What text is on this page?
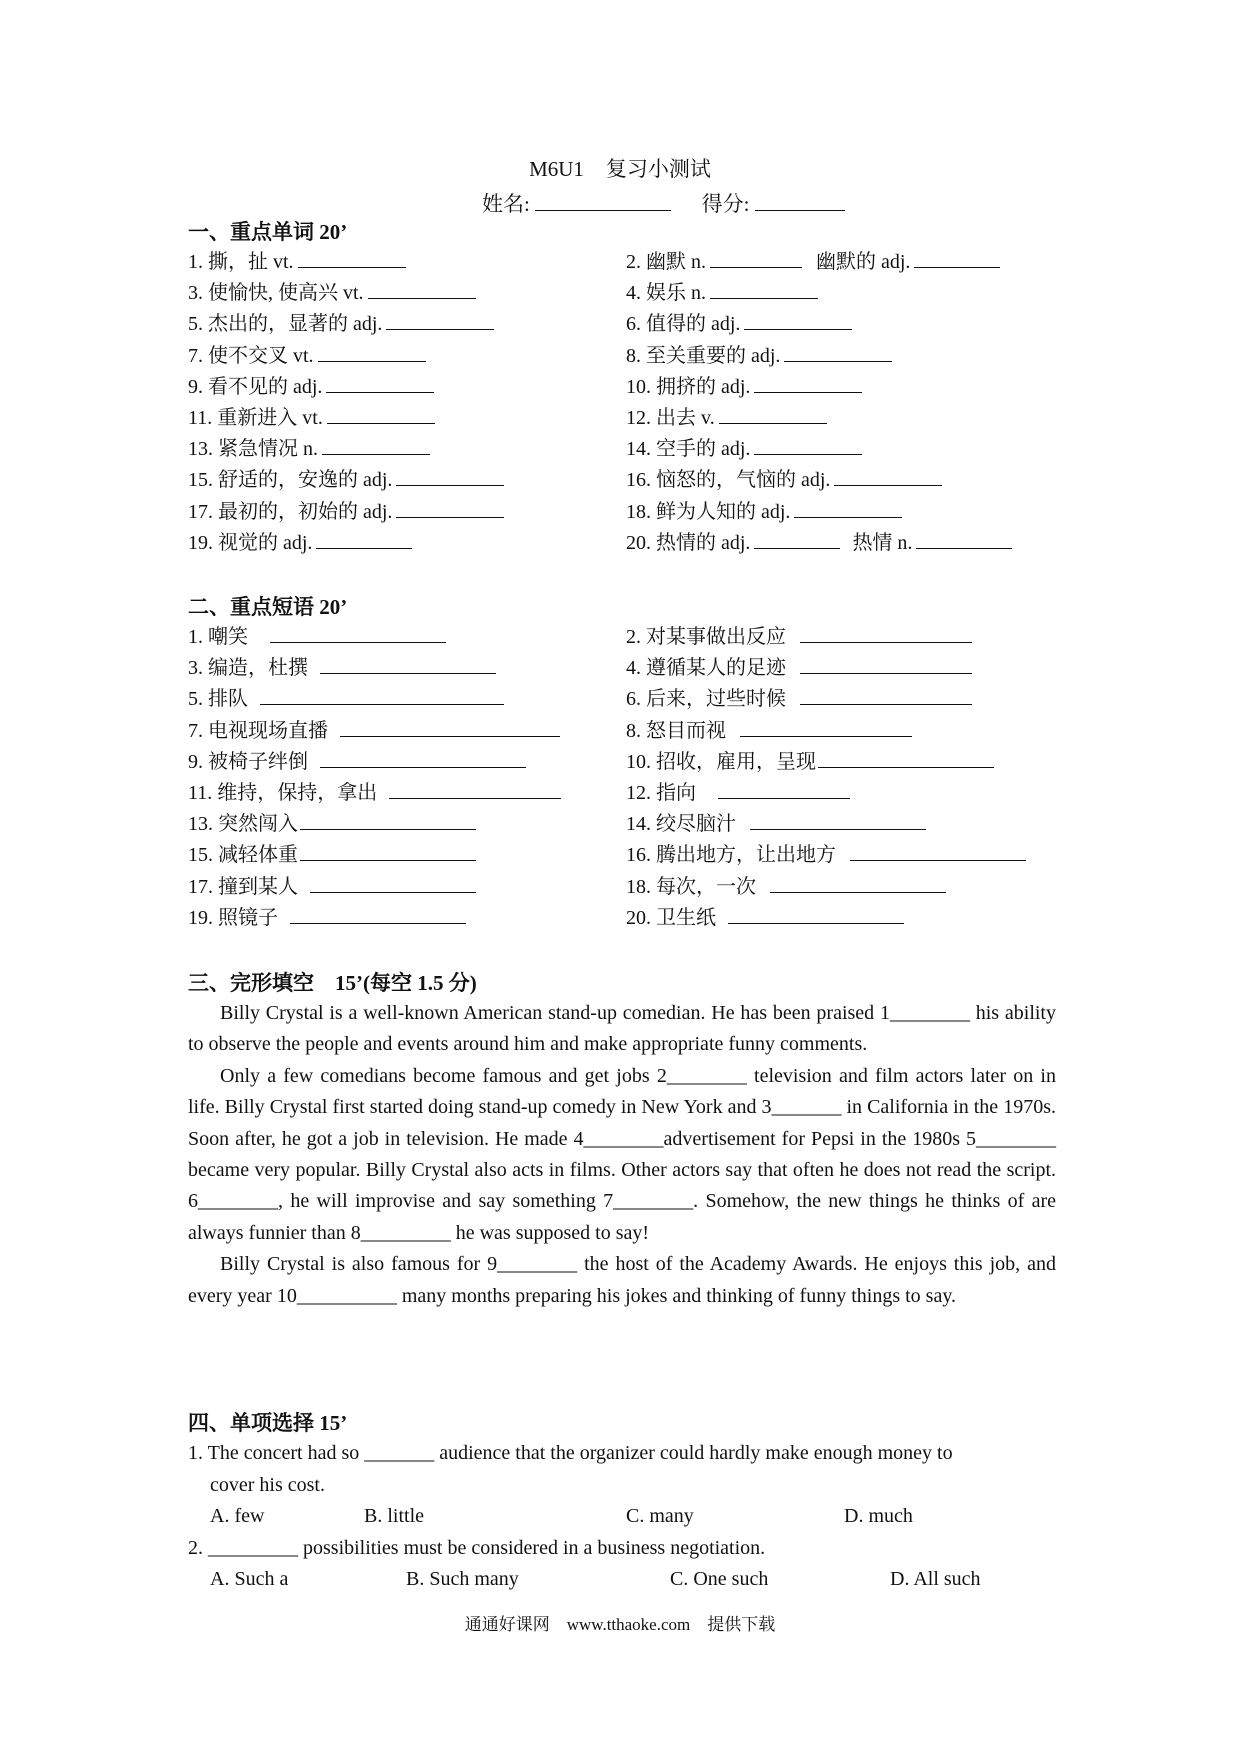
M6U1 复习小测试
姓名:	得分:
一、重点单词 20’
1. 撕，扯 vt.	2. 幽默 n.	幽默的 adj.
3. 使愉快, 使高兴 vt.	4. 娱乐 n.
5. 杰出的，显著的 adj.	6. 值得的 adj.
7. 使不交叉 vt.	8. 至关重要的 adj.
9. 看不见的 adj.	10. 拥挤的 adj.
11. 重新进入 vt.	12. 出去 v.
13. 紧急情况 n.	14. 空手的 adj.
15. 舒适的，安逸的 adj.	16. 恼怒的，气恼的 adj.
17. 最初的，初始的 adj.	18. 鲜为人知的 adj.
19. 视觉的 adj.	20. 热情的 adj.	热情 n.
二、重点短语 20’
1. 嘲笑	2. 对某事做出反应
3. 编造，杜撰	4. 遵循某人的足迹
5. 排队	6. 后来，过些时候
7. 电视现场直播	8. 怒目而视
9. 被椅子绊倒	10. 招收，雇用，呈现
11. 维持，保持，拿出	12. 指向
13. 突然闯入	14. 绞尽脑汁
15. 减轻体重	16. 腾出地方，让出地方
17. 撞到某人	18. 每次，一次
19. 照镜子	20. 卫生纸
三、完形填空　15’(每空 1.5 分)

Billy Crystal is a well-known American stand-up comedian. He has been praised 1________ his ability to observe the people and events around him and make appropriate funny comments.

Only a few comedians become famous and get jobs 2________ television and film actors later on in life. Billy Crystal first started doing stand-up comedy in New York and 3_______ in California in the 1970s. Soon after, he got a job in television. He made 4________advertisement for Pepsi in the 1980s 5________ became very popular. Billy Crystal also acts in films. Other actors say that often he does not read the script. 6________, he will improvise and say something 7________. Somehow, the new things he thinks of are always funnier than 8_________ he was supposed to say!

Billy Crystal is also famous for 9________ the host of the Academy Awards. He enjoys this job, and every year 10__________ many months preparing his jokes and thinking of funny things to say.

四、单项选择 15’
1. The concert had so _______ audience that the organizer could hardly make enough money to
cover his cost.
A. few	B. little	C. many	D. much
2. _________ possibilities must be considered in a business negotiation.
A. Such a	B. Such many	C. One such	D. All such
通通好课网　www.tthaoke.com　提供下载
